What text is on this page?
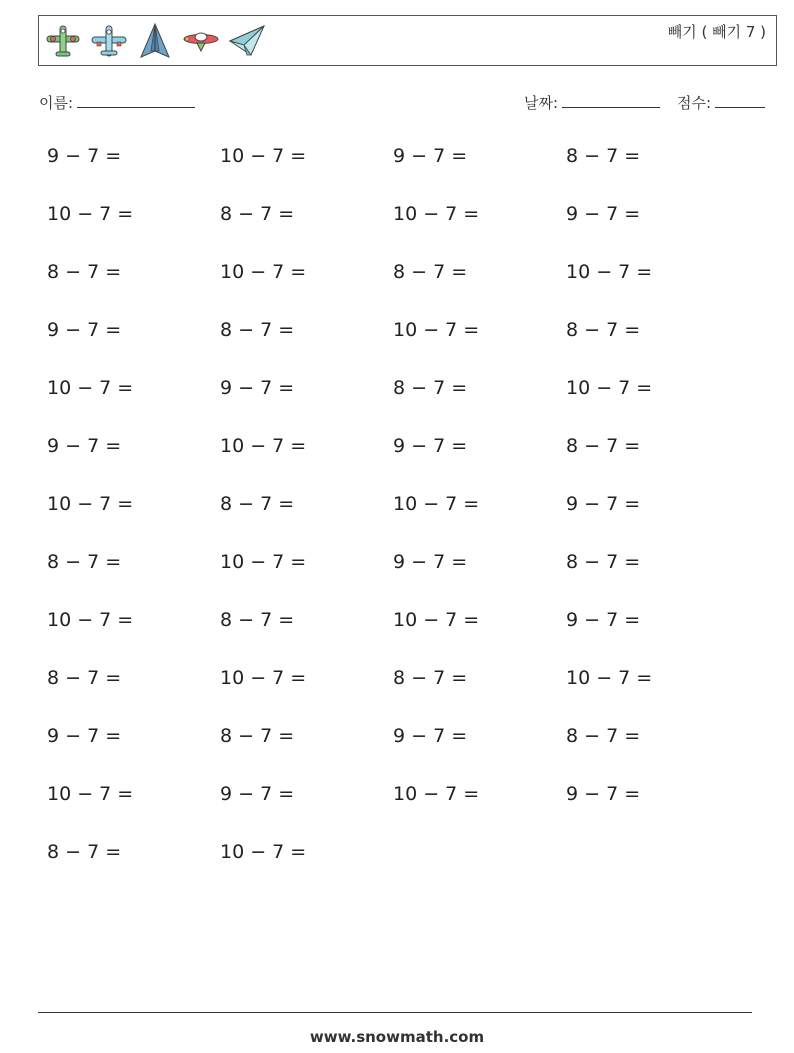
빼기 ( 빼기 7 )
이름:	날짜:	점수:
9 − 7 =	10 − 7 =	9 − 7 =	8 − 7 =
10 − 7 =	8 − 7 =	10 − 7 =	9 − 7 =
8 − 7 =	10 − 7 =	8 − 7 =	10 − 7 =
9 − 7 =	8 − 7 =	10 − 7 =	8 − 7 =
10 − 7 =	9 − 7 =	8 − 7 =	10 − 7 =
9 − 7 =	10 − 7 =	9 − 7 =	8 − 7 =
10 − 7 =	8 − 7 =	10 − 7 =	9 − 7 =
8 − 7 =	10 − 7 =	9 − 7 =	8 − 7 =
10 − 7 =	8 − 7 =	10 − 7 =	9 − 7 =
8 − 7 =	10 − 7 =	8 − 7 =	10 − 7 =
9 − 7 =	8 − 7 =	9 − 7 =	8 − 7 =
10 − 7 =	9 − 7 =	10 − 7 =	9 − 7 =
8 − 7 =	10 − 7 =
www.snowmath.com
